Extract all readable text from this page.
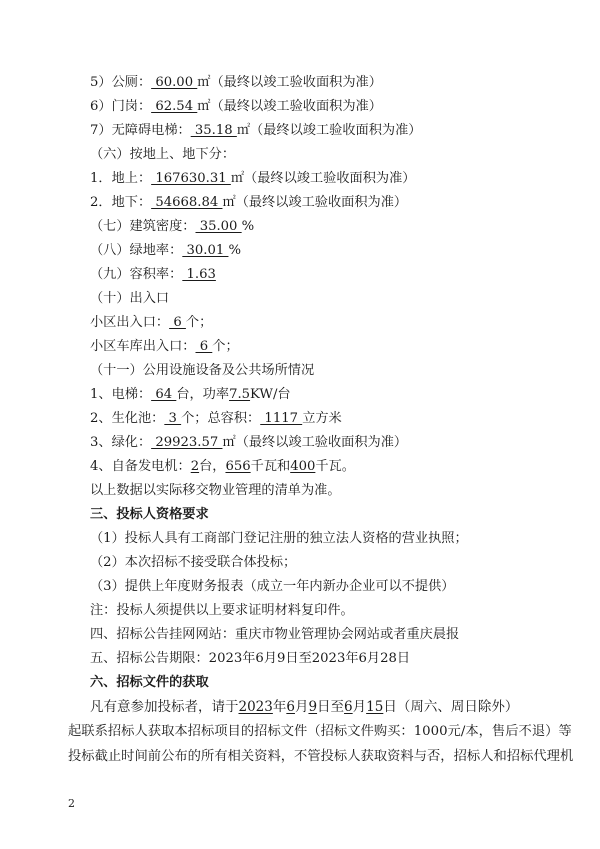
5）公厕： 60.00 ㎡（最终以竣工验收面积为准）
6）门岗： 62.54 ㎡（最终以竣工验收面积为准）
7）无障碍电梯： 35.18 ㎡（最终以竣工验收面积为准）
（六）按地上、地下分：
1．地上： 167630.31 ㎡（最终以竣工验收面积为准）
2．地下： 54668.84 ㎡（最终以竣工验收面积为准）
（七）建筑密度： 35.00 %
（八）绿地率： 30.01 %
（九）容积率： 1.63
（十）出入口
小区出入口： 6 个；
小区车库出入口： 6 个；
（十一）公用设施设备及公共场所情况
1、电梯： 64 台，功率7.5KW/台
2、生化池： 3 个；总容积： 1117 立方米
3、绿化： 29923.57 ㎡（最终以竣工验收面积为准）
4、自备发电机：2台，656千瓦和400千瓦。
以上数据以实际移交物业管理的清单为准。
三、投标人资格要求
（1）投标人具有工商部门登记注册的独立法人资格的营业执照；
（2）本次招标不接受联合体投标；
（3）提供上年度财务报表（成立一年内新办企业可以不提供）
注：投标人须提供以上要求证明材料复印件。
四、招标公告挂网网站：重庆市物业管理协会网站或者重庆晨报
五、招标公告期限：2023年6月9日至2023年6月28日
六、招标文件的获取
凡有意参加投标者，请于2023年6月9日至6月15日（周六、周日除外）
起联系招标人获取本招标项目的招标文件（招标文件购买：1000元/本，售后不退）等
投标截止时间前公布的所有相关资料，不管投标人获取资料与否，招标人和招标代理机
2
